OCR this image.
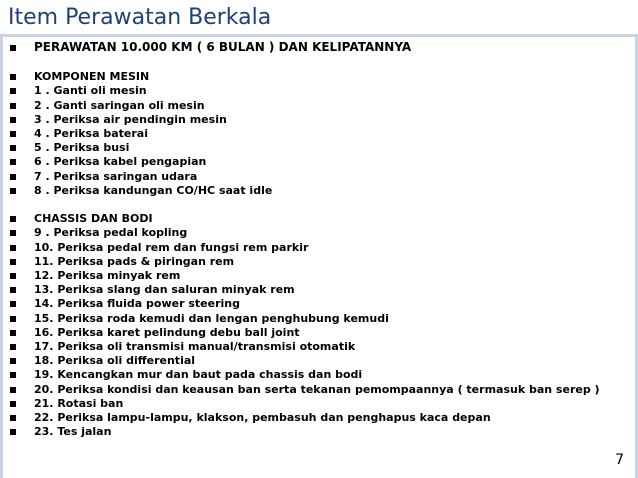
Item Perawatan Berkala
PERAWATAN 10.000 KM ( 6 BULAN ) DAN KELIPATANNYA
KOMPONEN MESIN
1 . Ganti oli mesin
2 . Ganti saringan oli mesin
3 . Periksa air pendingin mesin
4 . Periksa baterai
5 . Periksa busi
6 . Periksa kabel pengapian
7 . Periksa saringan udara
8 . Periksa kandungan CO/HC saat idle
CHASSIS DAN BODI
9 . Periksa pedal kopling
10. Periksa pedal rem dan fungsi rem parkir
11. Periksa pads & piringan rem
12. Periksa minyak rem
13. Periksa slang dan saluran minyak rem
14. Periksa fluida power steering
15. Periksa roda kemudi dan lengan penghubung kemudi
16. Periksa karet pelindung debu ball joint
17. Periksa oli transmisi manual/transmisi otomatik
18. Periksa oli differential
19. Kencangkan mur dan baut pada chassis dan bodi
20. Periksa kondisi dan keausan ban serta tekanan pemompaannya ( termasuk ban serep )
21. Rotasi ban
22. Periksa lampu-lampu, klakson, pembasuh dan penghapus kaca depan
23. Tes jalan
7
